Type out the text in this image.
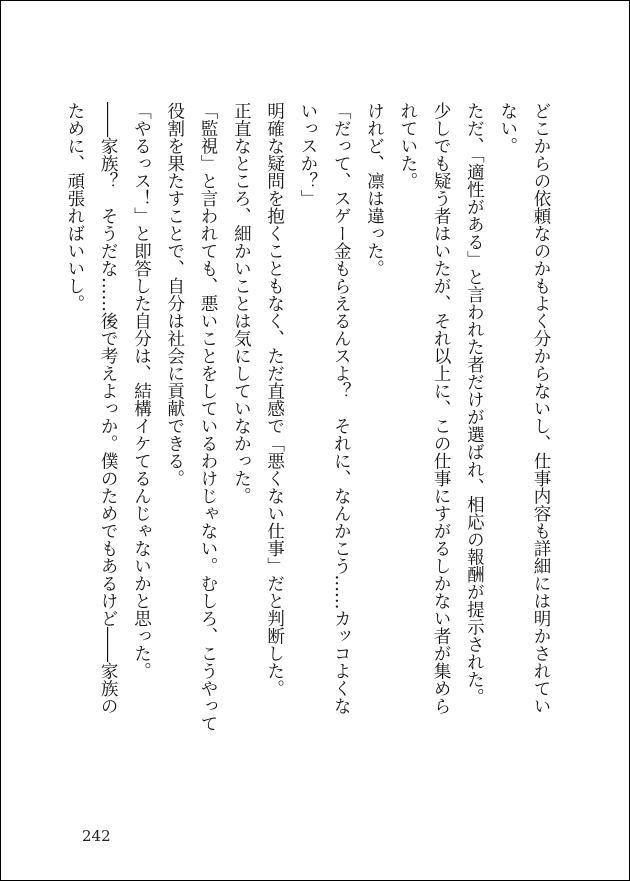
どこからの依頼なのかもよく分からないし、仕事内容も詳細には明かされてい
ない。
ただ、「適性がある」と言われた者だけが選ばれ、相応の報酬が提示された。
少しでも疑う者はいたが、それ以上に、この仕事にすがるしかない者が集めら
れていた。
けれど、凛は違った。
「だって、スゲー金もらえるんスよ？　それに、なんかこう……カッコよくな
いっスか？」
明確な疑問を抱くこともなく、ただ直感で「悪くない仕事」だと判断した。
正直なところ、細かいことは気にしていなかった。
「監視」と言われても、悪いことをしているわけじゃない。むしろ、こうやって
役割を果たすことで、自分は社会に貢献できる。
「やるっス！」と即答した自分は、結構イケてるんじゃないかと思った。
――家族？　そうだな……後で考えよっか。僕のためでもあるけど――家族の
ために、頑張ればいいし。
242
